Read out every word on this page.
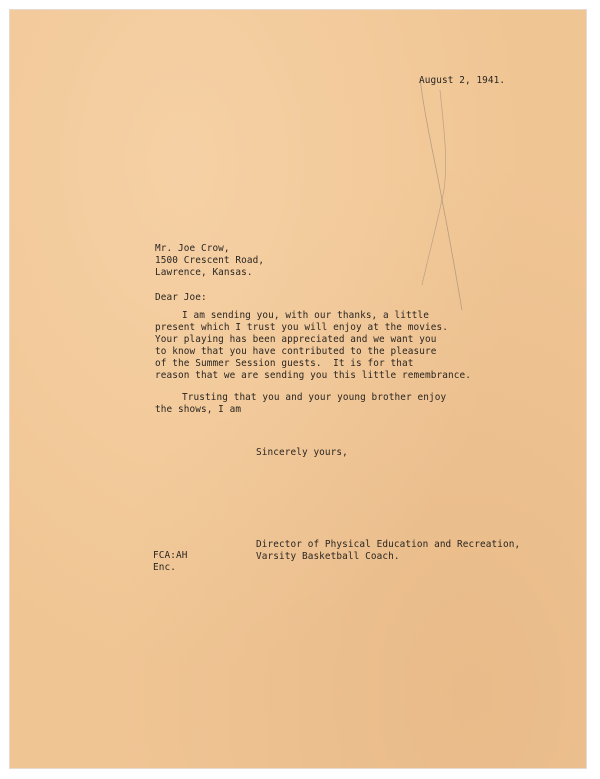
August 2, 1941.

Mr. Joe Crow,

1500 Crescent Road,

Lawrence, Kansas.

Dear Joe:

I am sending you, with our thanks, a little

present which I trust you will enjoy at the movies.

Your playing has been appreciated and we want you

to know that you have contributed to the pleasure

of the Summer Session guests.  It is for that

reason that we are sending you this little remembrance.

Trusting that you and your young brother enjoy

the shows, I am

Sincerely yours,

Director of Physical Education and Recreation,

Varsity Basketball Coach.

FCA:AH

Enc.
